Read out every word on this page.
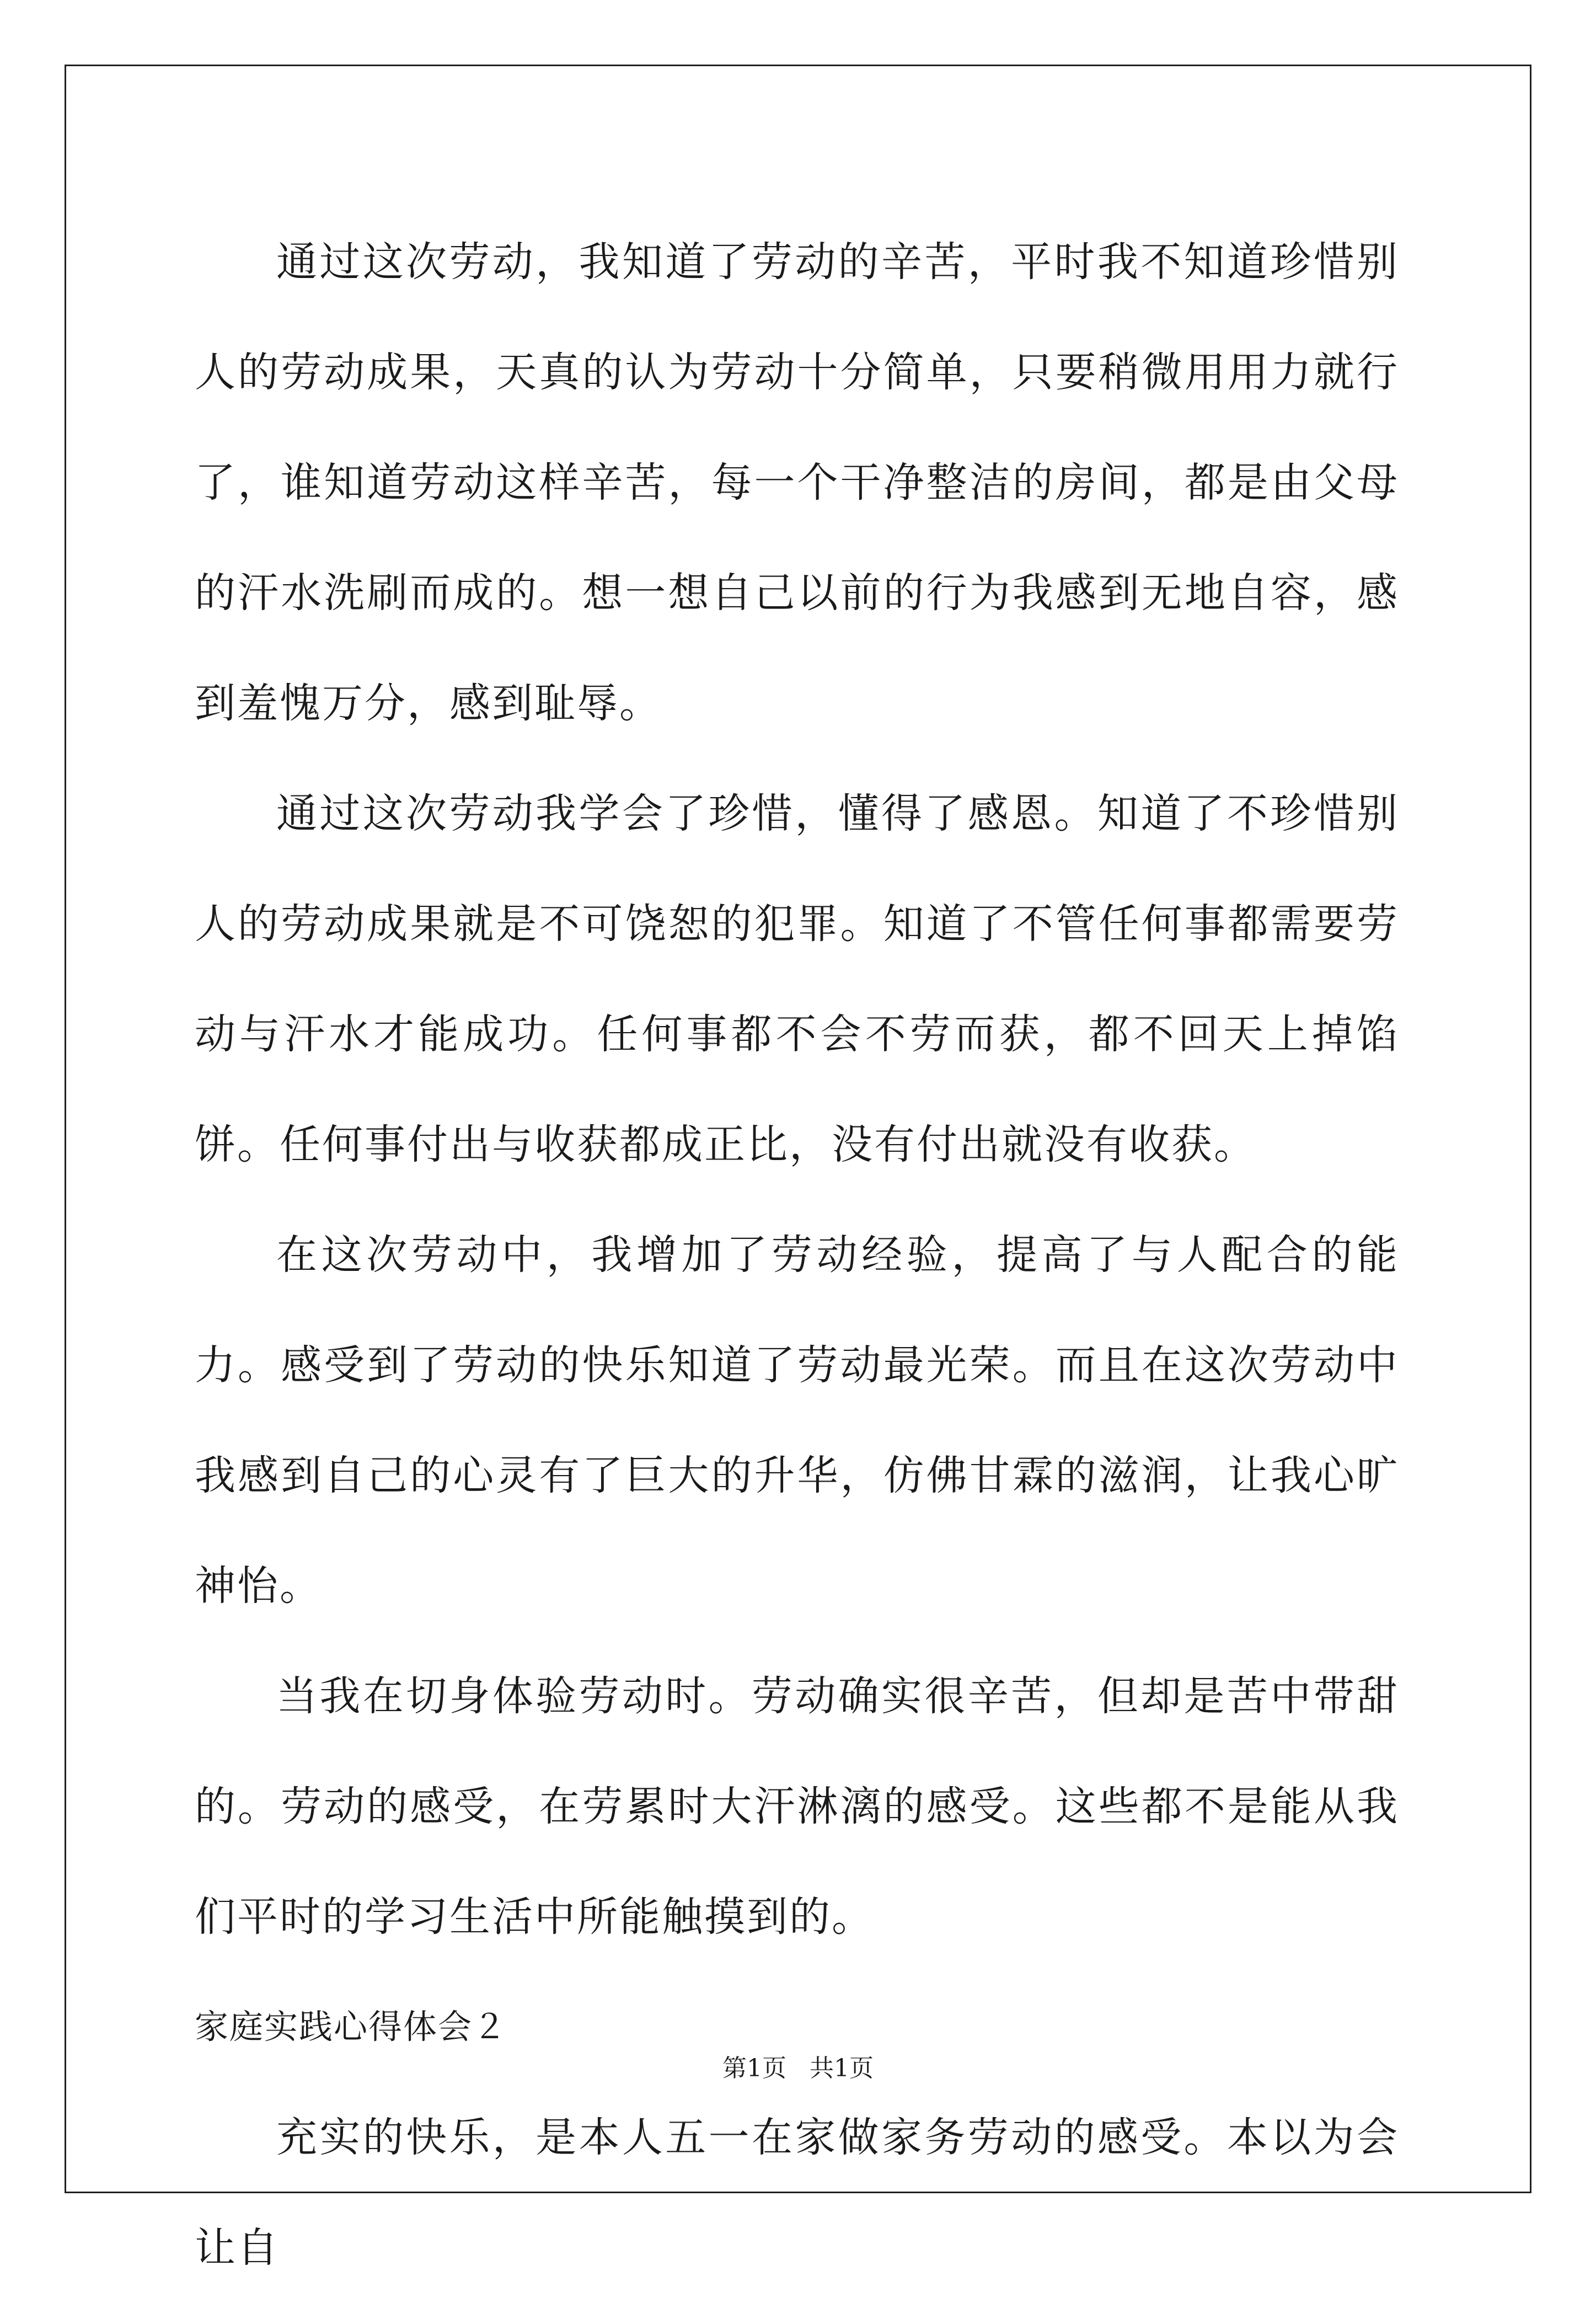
通过这次劳动，我知道了劳动的辛苦，平时我不知道珍惜别人的劳动成果，天真的认为劳动十分简单，只要稍微用用力就行了，谁知道劳动这样辛苦，每一个干净整洁的房间，都是由父母的汗水洗刷而成的。想一想自己以前的行为我感到无地自容，感到羞愧万分，感到耻辱。

通过这次劳动我学会了珍惜，懂得了感恩。知道了不珍惜别人的劳动成果就是不可饶恕的犯罪。知道了不管任何事都需要劳动与汗水才能成功。任何事都不会不劳而获，都不回天上掉馅饼。任何事付出与收获都成正比，没有付出就没有收获。

在这次劳动中，我增加了劳动经验，提高了与人配合的能力。感受到了劳动的快乐知道了劳动最光荣。而且在这次劳动中我感到自己的心灵有了巨大的升华，仿佛甘霖的滋润，让我心旷神怡。

当我在切身体验劳动时。劳动确实很辛苦，但却是苦中带甜的。劳动的感受，在劳累时大汗淋漓的感受。这些都不是能从我们平时的学习生活中所能触摸到的。

家庭实践心得体会２

充实的快乐，是本人五一在家做家务劳动的感受。本以为会让自

第1页 共1页
